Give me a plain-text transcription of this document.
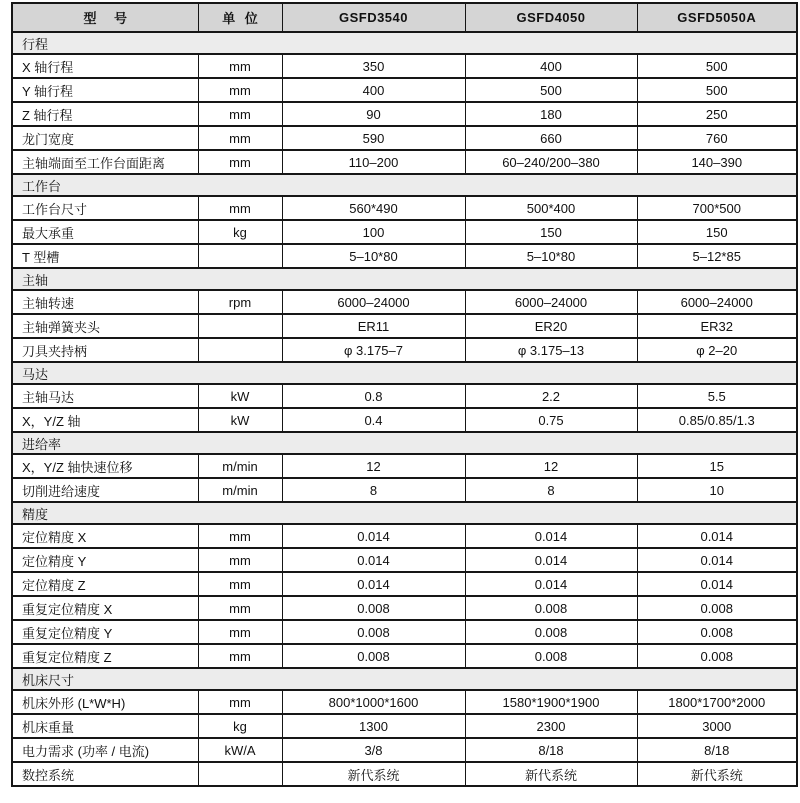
型 号	单 位	GSFD3540	GSFD4050	GSFD5050A
行程				
X 轴行程	mm	350	400	500
Y 轴行程	mm	400	500	500
Z 轴行程	mm	90	180	250
龙门宽度	mm	590	660	760
主轴端面至工作台面距离	mm	110–200	60–240/200–380	140–390
工作台				
工作台尺寸	mm	560*490	500*400	700*500
最大承重	kg	100	150	150
T 型槽		5–10*80	5–10*80	5–12*85
主轴				
主轴转速	rpm	6000–24000	6000–24000	6000–24000
主轴弹簧夹头		ER11	ER20	ER32
刀具夹持柄		φ 3.175–7	φ 3.175–13	φ 2–20
马达				
主轴马达	kW	0.8	2.2	5.5
X，Y/Z 轴	kW	0.4	0.75	0.85/0.85/1.3
进给率				
X，Y/Z 轴快速位移	m/min	12	12	15
切削进给速度	m/min	8	8	10
精度				
定位精度 X	mm	0.014	0.014	0.014
定位精度 Y	mm	0.014	0.014	0.014
定位精度 Z	mm	0.014	0.014	0.014
重复定位精度 X	mm	0.008	0.008	0.008
重复定位精度 Y	mm	0.008	0.008	0.008
重复定位精度 Z	mm	0.008	0.008	0.008
机床尺寸				
机床外形 (L*W*H)	mm	800*1000*1600	1580*1900*1900	1800*1700*2000
机床重量	kg	1300	2300	3000
电力需求 (功率 / 电流)	kW/A	3/8	8/18	8/18
数控系统		新代系统	新代系统	新代系统
